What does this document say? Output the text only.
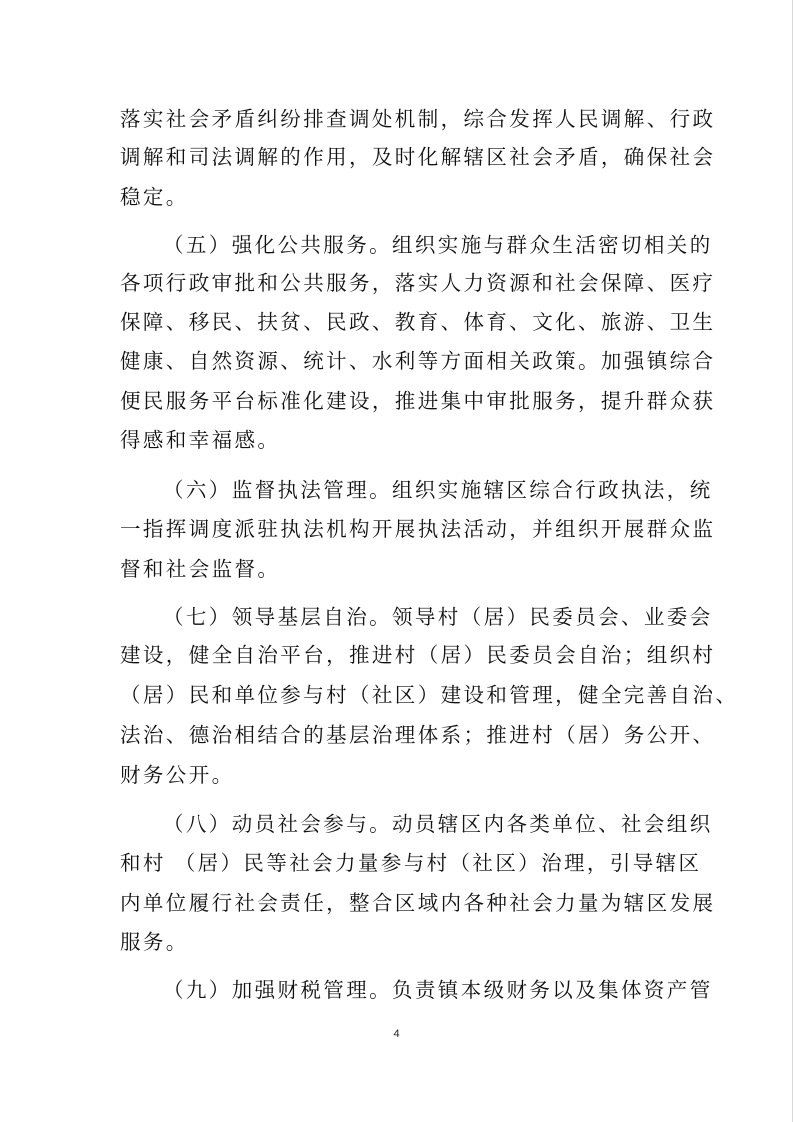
落实社会矛盾纠纷排查调处机制，综合发挥人民调解、行政
调解和司法调解的作用，及时化解辖区社会矛盾，确保社会
稳定。
（五）强化公共服务。组织实施与群众生活密切相关的
各项行政审批和公共服务，落实人力资源和社会保障、医疗
保障、移民、扶贫、民政、教育、体育、文化、旅游、卫生
健康、自然资源、统计、水利等方面相关政策。加强镇综合
便民服务平台标准化建设，推进集中审批服务，提升群众获
得感和幸福感。
（六）监督执法管理。组织实施辖区综合行政执法，统
一指挥调度派驻执法机构开展执法活动，并组织开展群众监
督和社会监督。
（七）领导基层自治。领导村（居）民委员会、业委会
建设，健全自治平台，推进村（居）民委员会自治；组织村
（居）民和单位参与村（社区）建设和管理，健全完善自治、
法治、德治相结合的基层治理体系；推进村（居）务公开、
财务公开。
（八）动员社会参与。动员辖区内各类单位、社会组织
和村 （居）民等社会力量参与村（社区）治理，引导辖区
内单位履行社会责任，整合区域内各种社会力量为辖区发展
服务。
（九）加强财税管理。负责镇本级财务以及集体资产管
4
